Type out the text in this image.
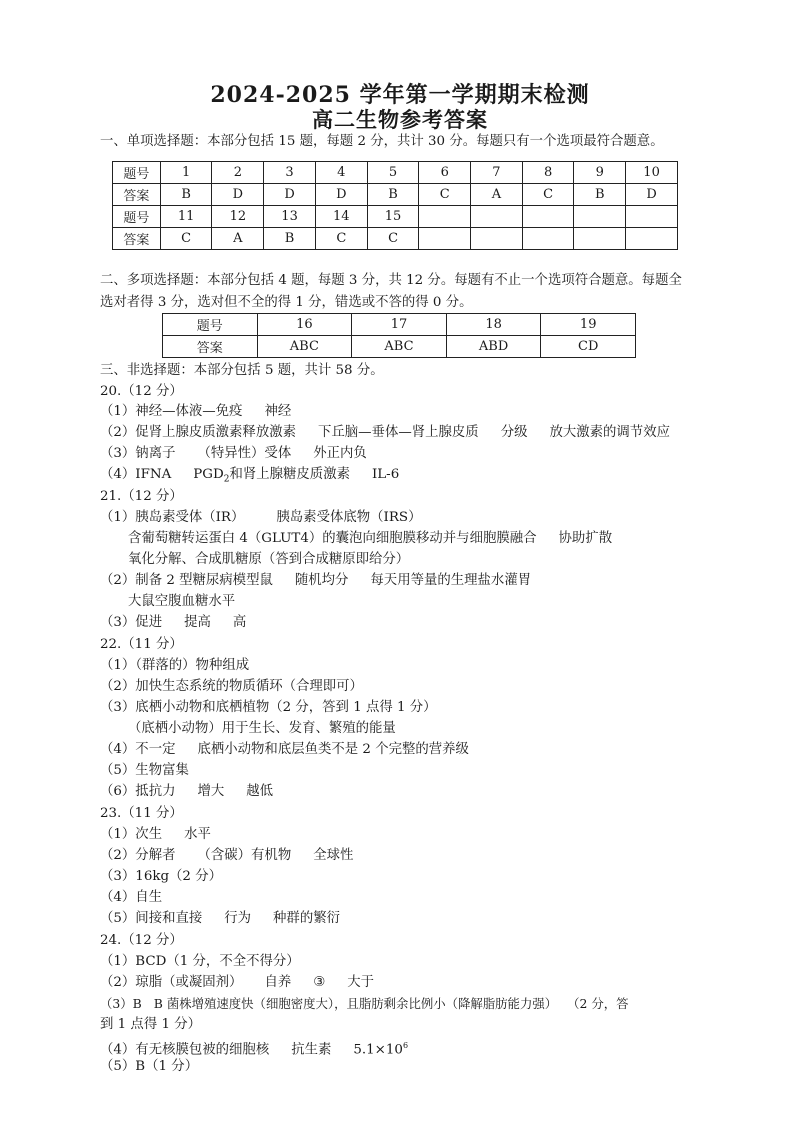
2024-2025 学年第一学期期末检测
高二生物参考答案
一、单项选择题：本部分包括 15 题，每题 2 分，共计 30 分。每题只有一个选项最符合题意。
题号	1	2	3	4	5	6	7	8	9	10
答案	B	D	D	D	B	C	A	C	B	D
题号	11	12	13	14	15					
答案	C	A	B	C	C					
二、多项选择题：本部分包括 4 题，每题 3 分，共 12 分。每题有不止一个选项符合题意。每题全
选对者得 3 分，选对但不全的得 1 分，错选或不答的得 0 分。
题号	16	17	18	19
答案	ABC	ABC	ABD	CD
三、非选择题：本部分包括 5 题，共计 58 分。
20.（12 分）
（1）神经—体液—免疫 神经
（2）促肾上腺皮质激素释放激素 下丘脑—垂体—肾上腺皮质 分级 放大激素的调节效应
（3）钠离子 （特异性）受体 外正内负
（4）IFNA $PGD_2$和肾上腺糖皮质激素 IL-6
21.（12 分）
（1）胰岛素受体（IR） 胰岛素受体底物（IRS）
含葡萄糖转运蛋白 4（GLUT4）的囊泡向细胞膜移动并与细胞膜融合 协助扩散
氧化分解、合成肌糖原（答到合成糖原即给分）
（2）制备 2 型糖尿病模型鼠 随机均分 每天用等量的生理盐水灌胃
大鼠空腹血糖水平
（3）促进 提高 高
22.（11 分）
（1）（群落的）物种组成
（2）加快生态系统的物质循环（合理即可）
（3）底栖小动物和底栖植物（2 分，答到 1 点得 1 分）
（底栖小动物）用于生长、发育、繁殖的能量
（4）不一定 底栖小动物和底层鱼类不是 2 个完整的营养级
（5）生物富集
（6）抵抗力 增大 越低
23.（11 分）
（1）次生 水平
（2）分解者 （含碳）有机物 全球性
（3）16kg（2 分）
（4）自生
（5）间接和直接 行为 种群的繁衍
24.（12 分）
（1）BCD（1 分，不全不得分）
（2）琼脂（或凝固剂） 自养 ③ 大于
（3）B B 菌株增殖速度快（细胞密度大），且脂肪剩余比例小（降解脂肪能力强） （2 分，答
到 1 点得 1 分）
（4）有无核膜包被的细胞核 抗生素 $5.1\times 10^6$
（5）B（1 分）
